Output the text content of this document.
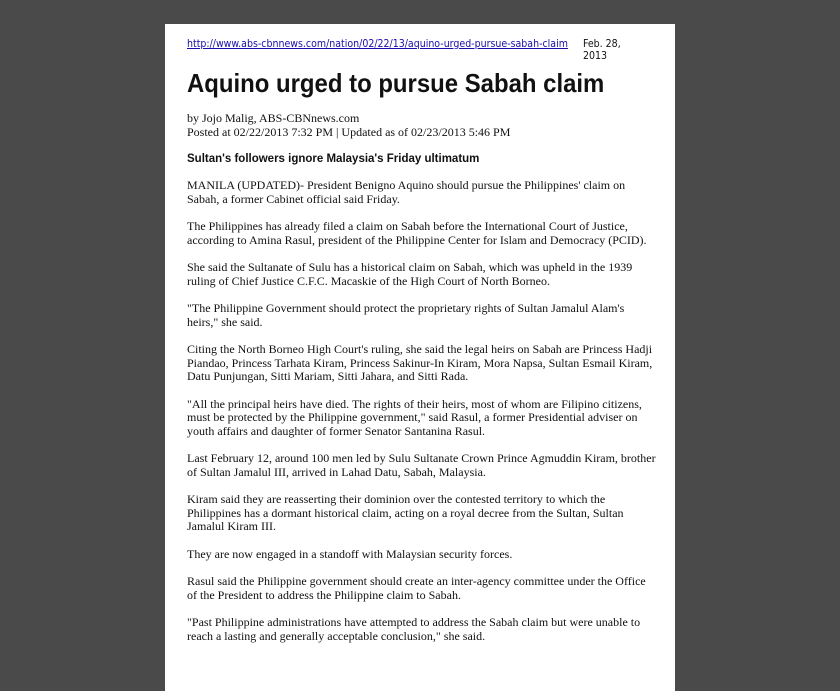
http://www.abs-cbnnews.com/nation/02/22/13/aquino-urged-pursue-sabah-claim Feb. 28, 2013
Aquino urged to pursue Sabah claim
by Jojo Malig, ABS-CBNnews.com
Posted at 02/22/2013 7:32 PM | Updated as of 02/23/2013 5:46 PM
Sultan's followers ignore Malaysia's Friday ultimatum

MANILA (UPDATED)- President Benigno Aquino should pursue the Philippines' claim on Sabah, a former Cabinet official said Friday.

The Philippines has already filed a claim on Sabah before the International Court of Justice, according to Amina Rasul, president of the Philippine Center for Islam and Democracy (PCID).

She said the Sultanate of Sulu has a historical claim on Sabah, which was upheld in the 1939 ruling of Chief Justice C.F.C. Macaskie of the High Court of North Borneo.

"The Philippine Government should protect the proprietary rights of Sultan Jamalul Alam's heirs," she said.

Citing the North Borneo High Court's ruling, she said the legal heirs on Sabah are Princess Hadji Piandao, Princess Tarhata Kiram, Princess Sakinur-In Kiram, Mora Napsa, Sultan Esmail Kiram, Datu Punjungan, Sitti Mariam, Sitti Jahara, and Sitti Rada.

"All the principal heirs have died. The rights of their heirs, most of whom are Filipino citizens, must be protected by the Philippine government," said Rasul, a former Presidential adviser on youth affairs and daughter of former Senator Santanina Rasul.

Last February 12, around 100 men led by Sulu Sultanate Crown Prince Agmuddin Kiram, brother of Sultan Jamalul III, arrived in Lahad Datu, Sabah, Malaysia.

Kiram said they are reasserting their dominion over the contested territory to which the Philippines has a dormant historical claim, acting on a royal decree from the Sultan, Sultan Jamalul Kiram III.

They are now engaged in a standoff with Malaysian security forces.

Rasul said the Philippine government should create an inter-agency committee under the Office of the President to address the Philippine claim to Sabah.

"Past Philippine administrations have attempted to address the Sabah claim but were unable to reach a lasting and generally acceptable conclusion," she said.
